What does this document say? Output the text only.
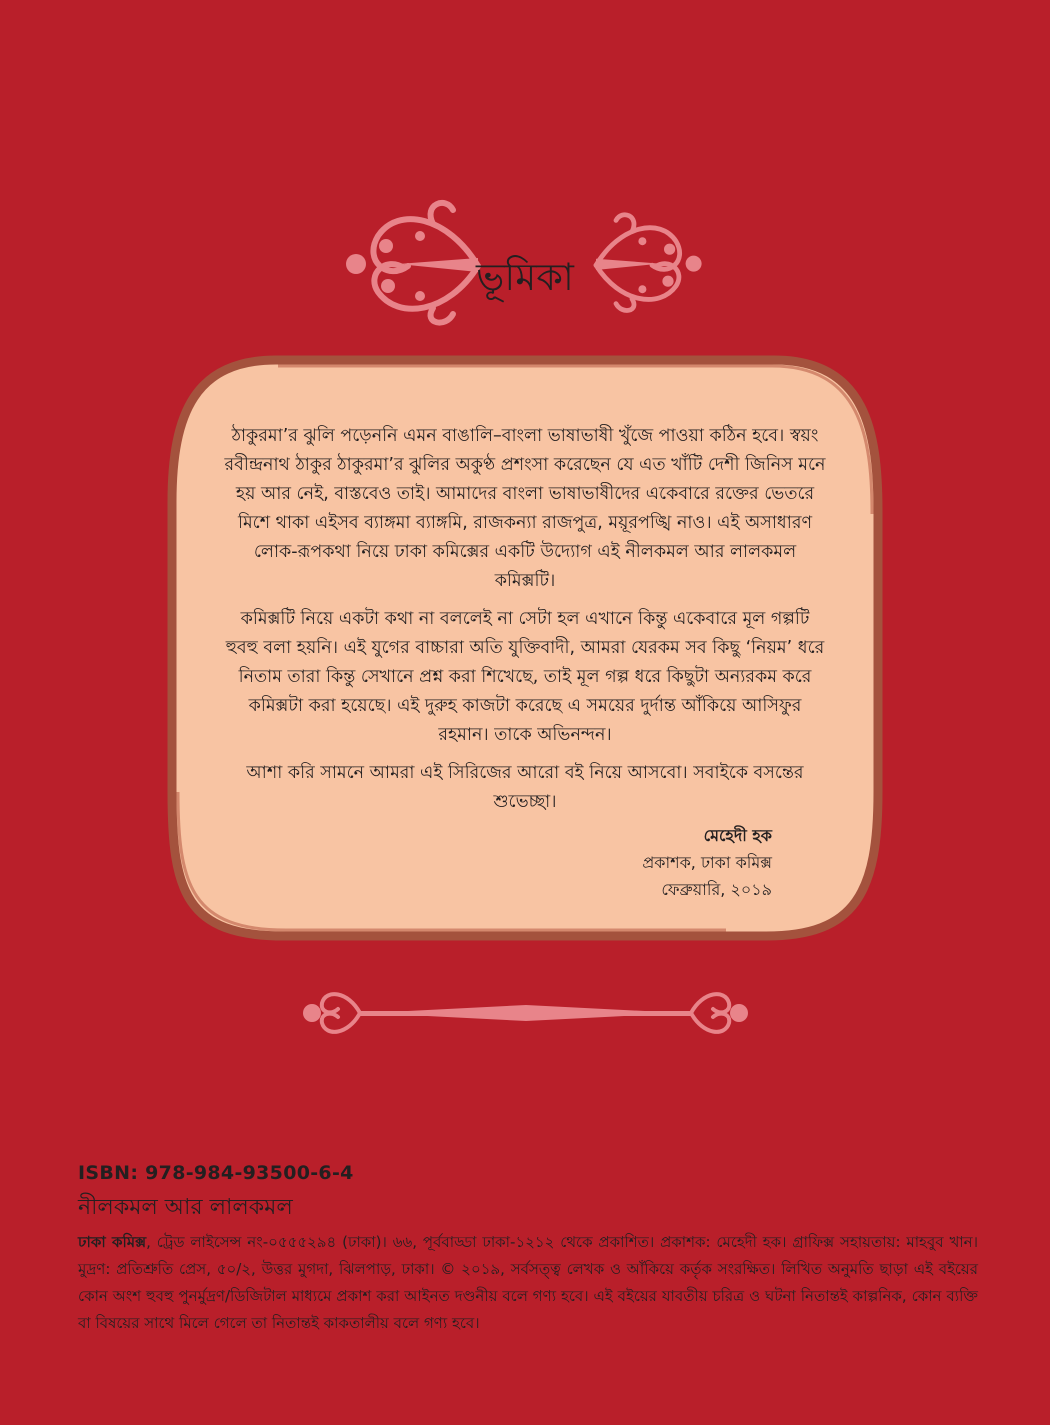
ভূমিকা

ঠাকুরমা’র ঝুলি পড়েননি এমন বাঙালি–বাংলা ভাষাভাষী খুঁজে পাওয়া কঠিন হবে। স্বয়ং রবীন্দ্রনাথ ঠাকুর ঠাকুরমা’র ঝুলির অকুণ্ঠ প্রশংসা করেছেন যে এত খাঁটি দেশী জিনিস মনে হয় আর নেই, বাস্তবেও তাই। আমাদের বাংলা ভাষাভাষীদের একেবারে রক্তের ভেতরে মিশে থাকা এইসব ব্যাঙ্গমা ব্যাঙ্গমি, রাজকন্যা রাজপুত্র, ময়ূরপঙ্খি নাও। এই অসাধারণ লোক-রূপকথা নিয়ে ঢাকা কমিক্সের একটি উদ্যোগ এই নীলকমল আর লালকমল কমিক্সটি।

কমিক্সটি নিয়ে একটা কথা না বললেই না সেটা হল এখানে কিন্তু একেবারে মূল গল্পটি হুবহু বলা হয়নি। এই যুগের বাচ্চারা অতি যুক্তিবাদী, আমরা যেরকম সব কিছু ‘নিয়ম’ ধরে নিতাম তারা কিন্তু সেখানে প্রশ্ন করা শিখেছে, তাই মূল গল্প ধরে কিছুটা অন্যরকম করে কমিক্সটা করা হয়েছে। এই দুরুহ কাজটা করেছে এ সময়ের দুর্দান্ত আঁকিয়ে আসিফুর রহমান। তাকে অভিনন্দন।

আশা করি সামনে আমরা এই সিরিজের আরো বই নিয়ে আসবো। সবাইকে বসন্তের শুভেচ্ছা।

মেহেদী হক
প্রকাশক, ঢাকা কমিক্স
ফেব্রুয়ারি, ২০১৯
ISBN: 978-984-93500-6-4
নীলকমল আর লালকমল
ঢাকা কমিক্স, ট্রেড লাইসেন্স নং-০৫৫৫২৯৪ (ঢাকা)। ৬৬, পূর্ববাড্ডা ঢাকা-১২১২ থেকে প্রকাশিত। প্রকাশক: মেহেদী হক। গ্রাফিক্স সহায়তায়: মাহবুব খান। মুদ্রণ: প্রতিশ্রুতি প্রেস, ৫০/২, উত্তর মুগদা, ঝিলপাড়, ঢাকা। © ২০১৯, সর্বসত্ত্ব লেখক ও আঁকিয়ে কর্তৃক সংরক্ষিত। লিখিত অনুমতি ছাড়া এই বইয়ের কোন অংশ হুবহু পুনর্মুদ্রণ/ডিজিটাল মাধ্যমে প্রকাশ করা আইনত দণ্ডনীয় বলে গণ্য হবে। এই বইয়ের যাবতীয় চরিত্র ও ঘটনা নিতান্তই কাল্পনিক, কোন ব্যক্তি বা বিষয়ের সাথে মিলে গেলে তা নিতান্তই কাকতালীয় বলে গণ্য হবে।
